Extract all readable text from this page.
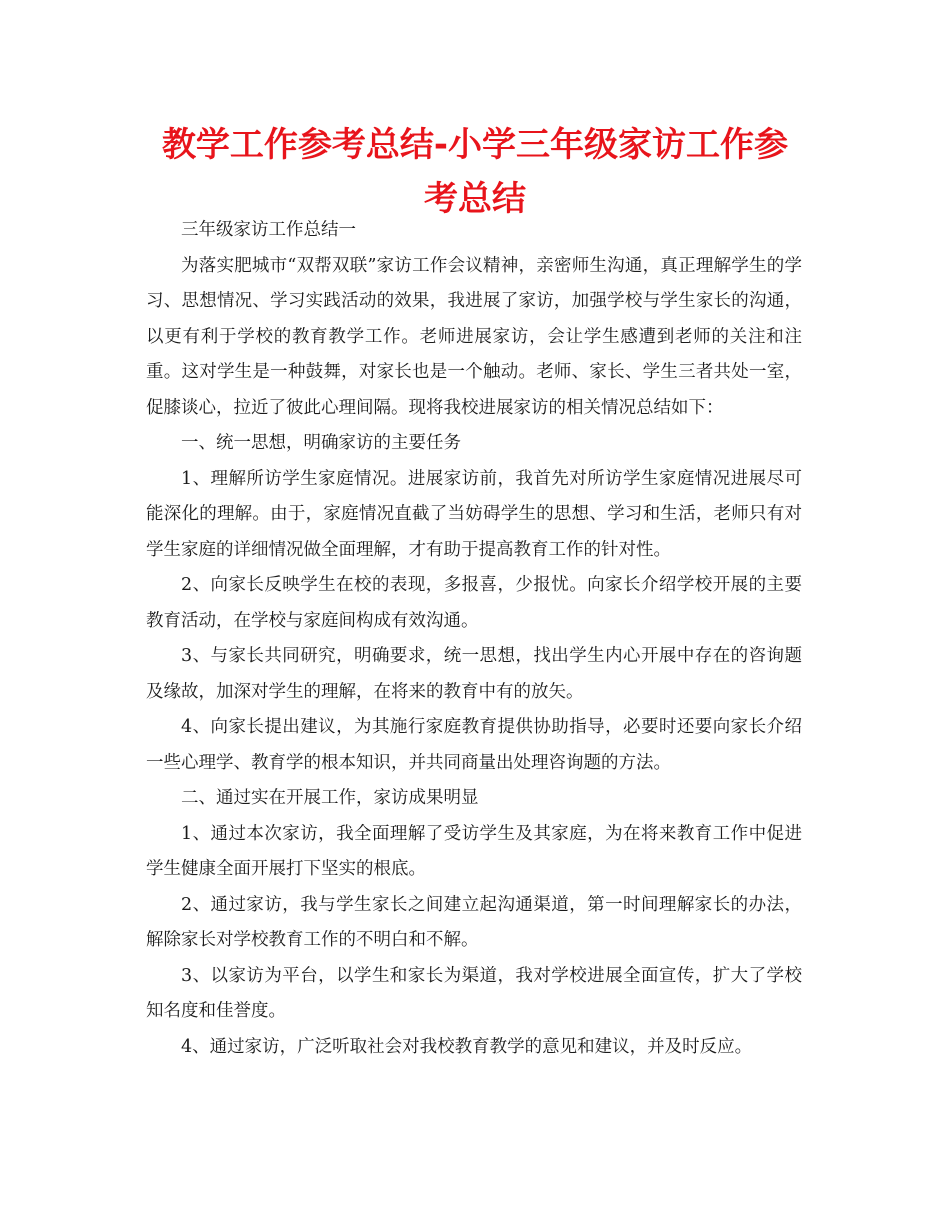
教学工作参考总结-小学三年级家访工作参考总结

三年级家访工作总结一

为落实肥城市“双帮双联”家访工作会议精神，亲密师生沟通，真正理解学生的学习、思想情况、学习实践活动的效果，我进展了家访，加强学校与学生家长的沟通，以更有利于学校的教育教学工作。老师进展家访，会让学生感遭到老师的关注和注重。这对学生是一种鼓舞，对家长也是一个触动。老师、家长、学生三者共处一室，促膝谈心，拉近了彼此心理间隔。现将我校进展家访的相关情况总结如下：

一、统一思想，明确家访的主要任务

1、理解所访学生家庭情况。进展家访前，我首先对所访学生家庭情况进展尽可能深化的理解。由于，家庭情况直截了当妨碍学生的思想、学习和生活，老师只有对学生家庭的详细情况做全面理解，才有助于提高教育工作的针对性。

2、向家长反映学生在校的表现，多报喜，少报忧。向家长介绍学校开展的主要教育活动，在学校与家庭间构成有效沟通。

3、与家长共同研究，明确要求，统一思想，找出学生内心开展中存在的咨询题及缘故，加深对学生的理解，在将来的教育中有的放矢。

4、向家长提出建议，为其施行家庭教育提供协助指导，必要时还要向家长介绍一些心理学、教育学的根本知识，并共同商量出处理咨询题的方法。

二、通过实在开展工作，家访成果明显

1、通过本次家访，我全面理解了受访学生及其家庭，为在将来教育工作中促进学生健康全面开展打下坚实的根底。

2、通过家访，我与学生家长之间建立起沟通渠道，第一时间理解家长的办法，解除家长对学校教育工作的不明白和不解。

3、以家访为平台，以学生和家长为渠道，我对学校进展全面宣传，扩大了学校知名度和佳誉度。

4、通过家访，广泛听取社会对我校教育教学的意见和建议，并及时反应。
